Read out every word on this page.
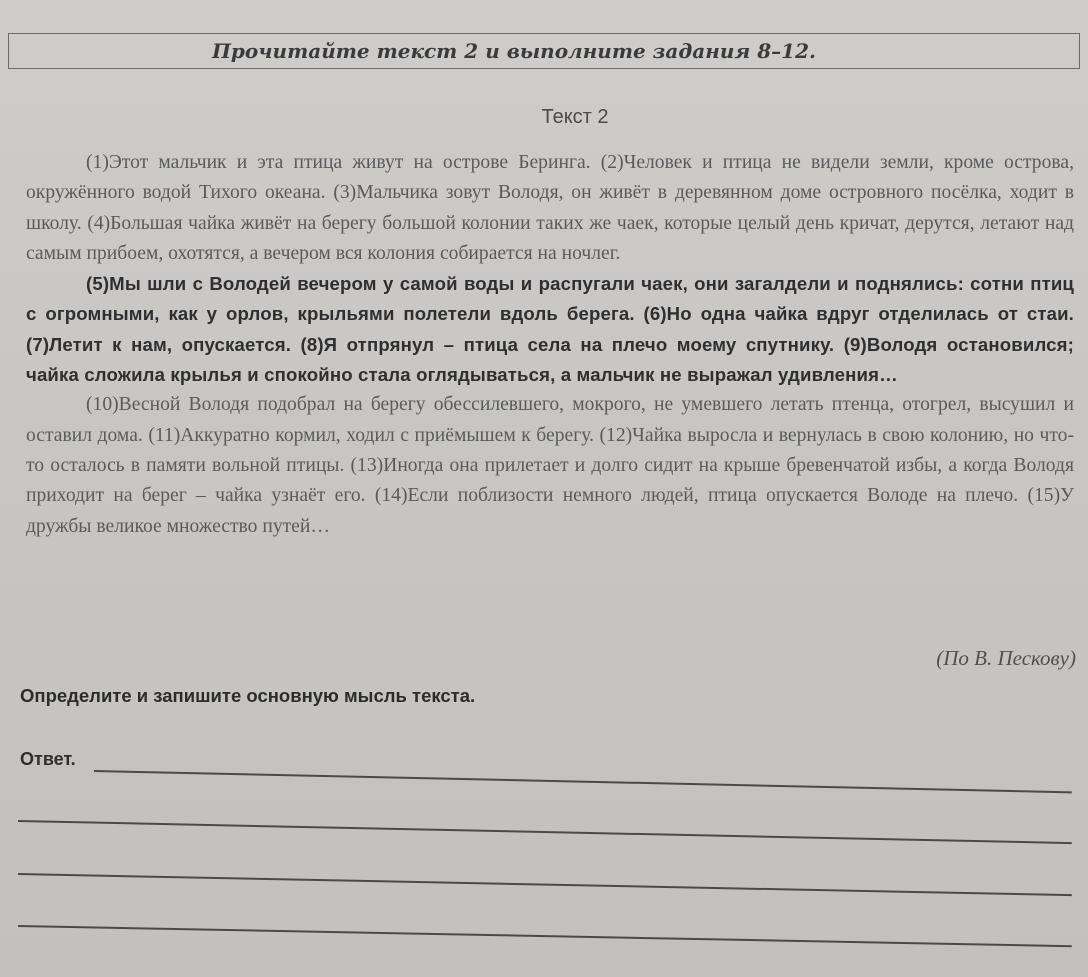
Прочитайте текст 2 и выполните задания 8–12.
Текст 2

(1)Этот мальчик и эта птица живут на острове Беринга. (2)Человек и птица не видели земли, кроме острова, окружённого водой Тихого океана. (3)Мальчика зовут Володя, он живёт в деревянном доме островного посёлка, ходит в школу. (4)Большая чайка живёт на берегу большой колонии таких же чаек, которые целый день кричат, дерутся, летают над самым прибоем, охотятся, а вечером вся колония собирается на ночлег.

(5)Мы шли с Володей вечером у самой воды и распугали чаек, они загалдели и поднялись: сотни птиц с огромными, как у орлов, крыльями полетели вдоль берега. (6)Но одна чайка вдруг отделилась от стаи. (7)Летит к нам, опускается. (8)Я отпрянул – птица села на плечо моему спутнику. (9)Володя остановился; чайка сложила крылья и спокойно стала оглядываться, а мальчик не выражал удивления…

(10)Весной Володя подобрал на берегу обессилевшего, мокрого, не умевшего летать птенца, отогрел, высушил и оставил дома. (11)Аккуратно кормил, ходил с приёмышем к берегу. (12)Чайка выросла и вернулась в свою колонию, но что-то осталось в памяти вольной птицы. (13)Иногда она прилетает и долго сидит на крыше бревенчатой избы, а когда Володя приходит на берег – чайка узнаёт его. (14)Если поблизости немного людей, птица опускается Володе на плечо. (15)У дружбы великое множество путей…

(По В. Пескову)
Определите и запишите основную мысль текста.
Ответ.
